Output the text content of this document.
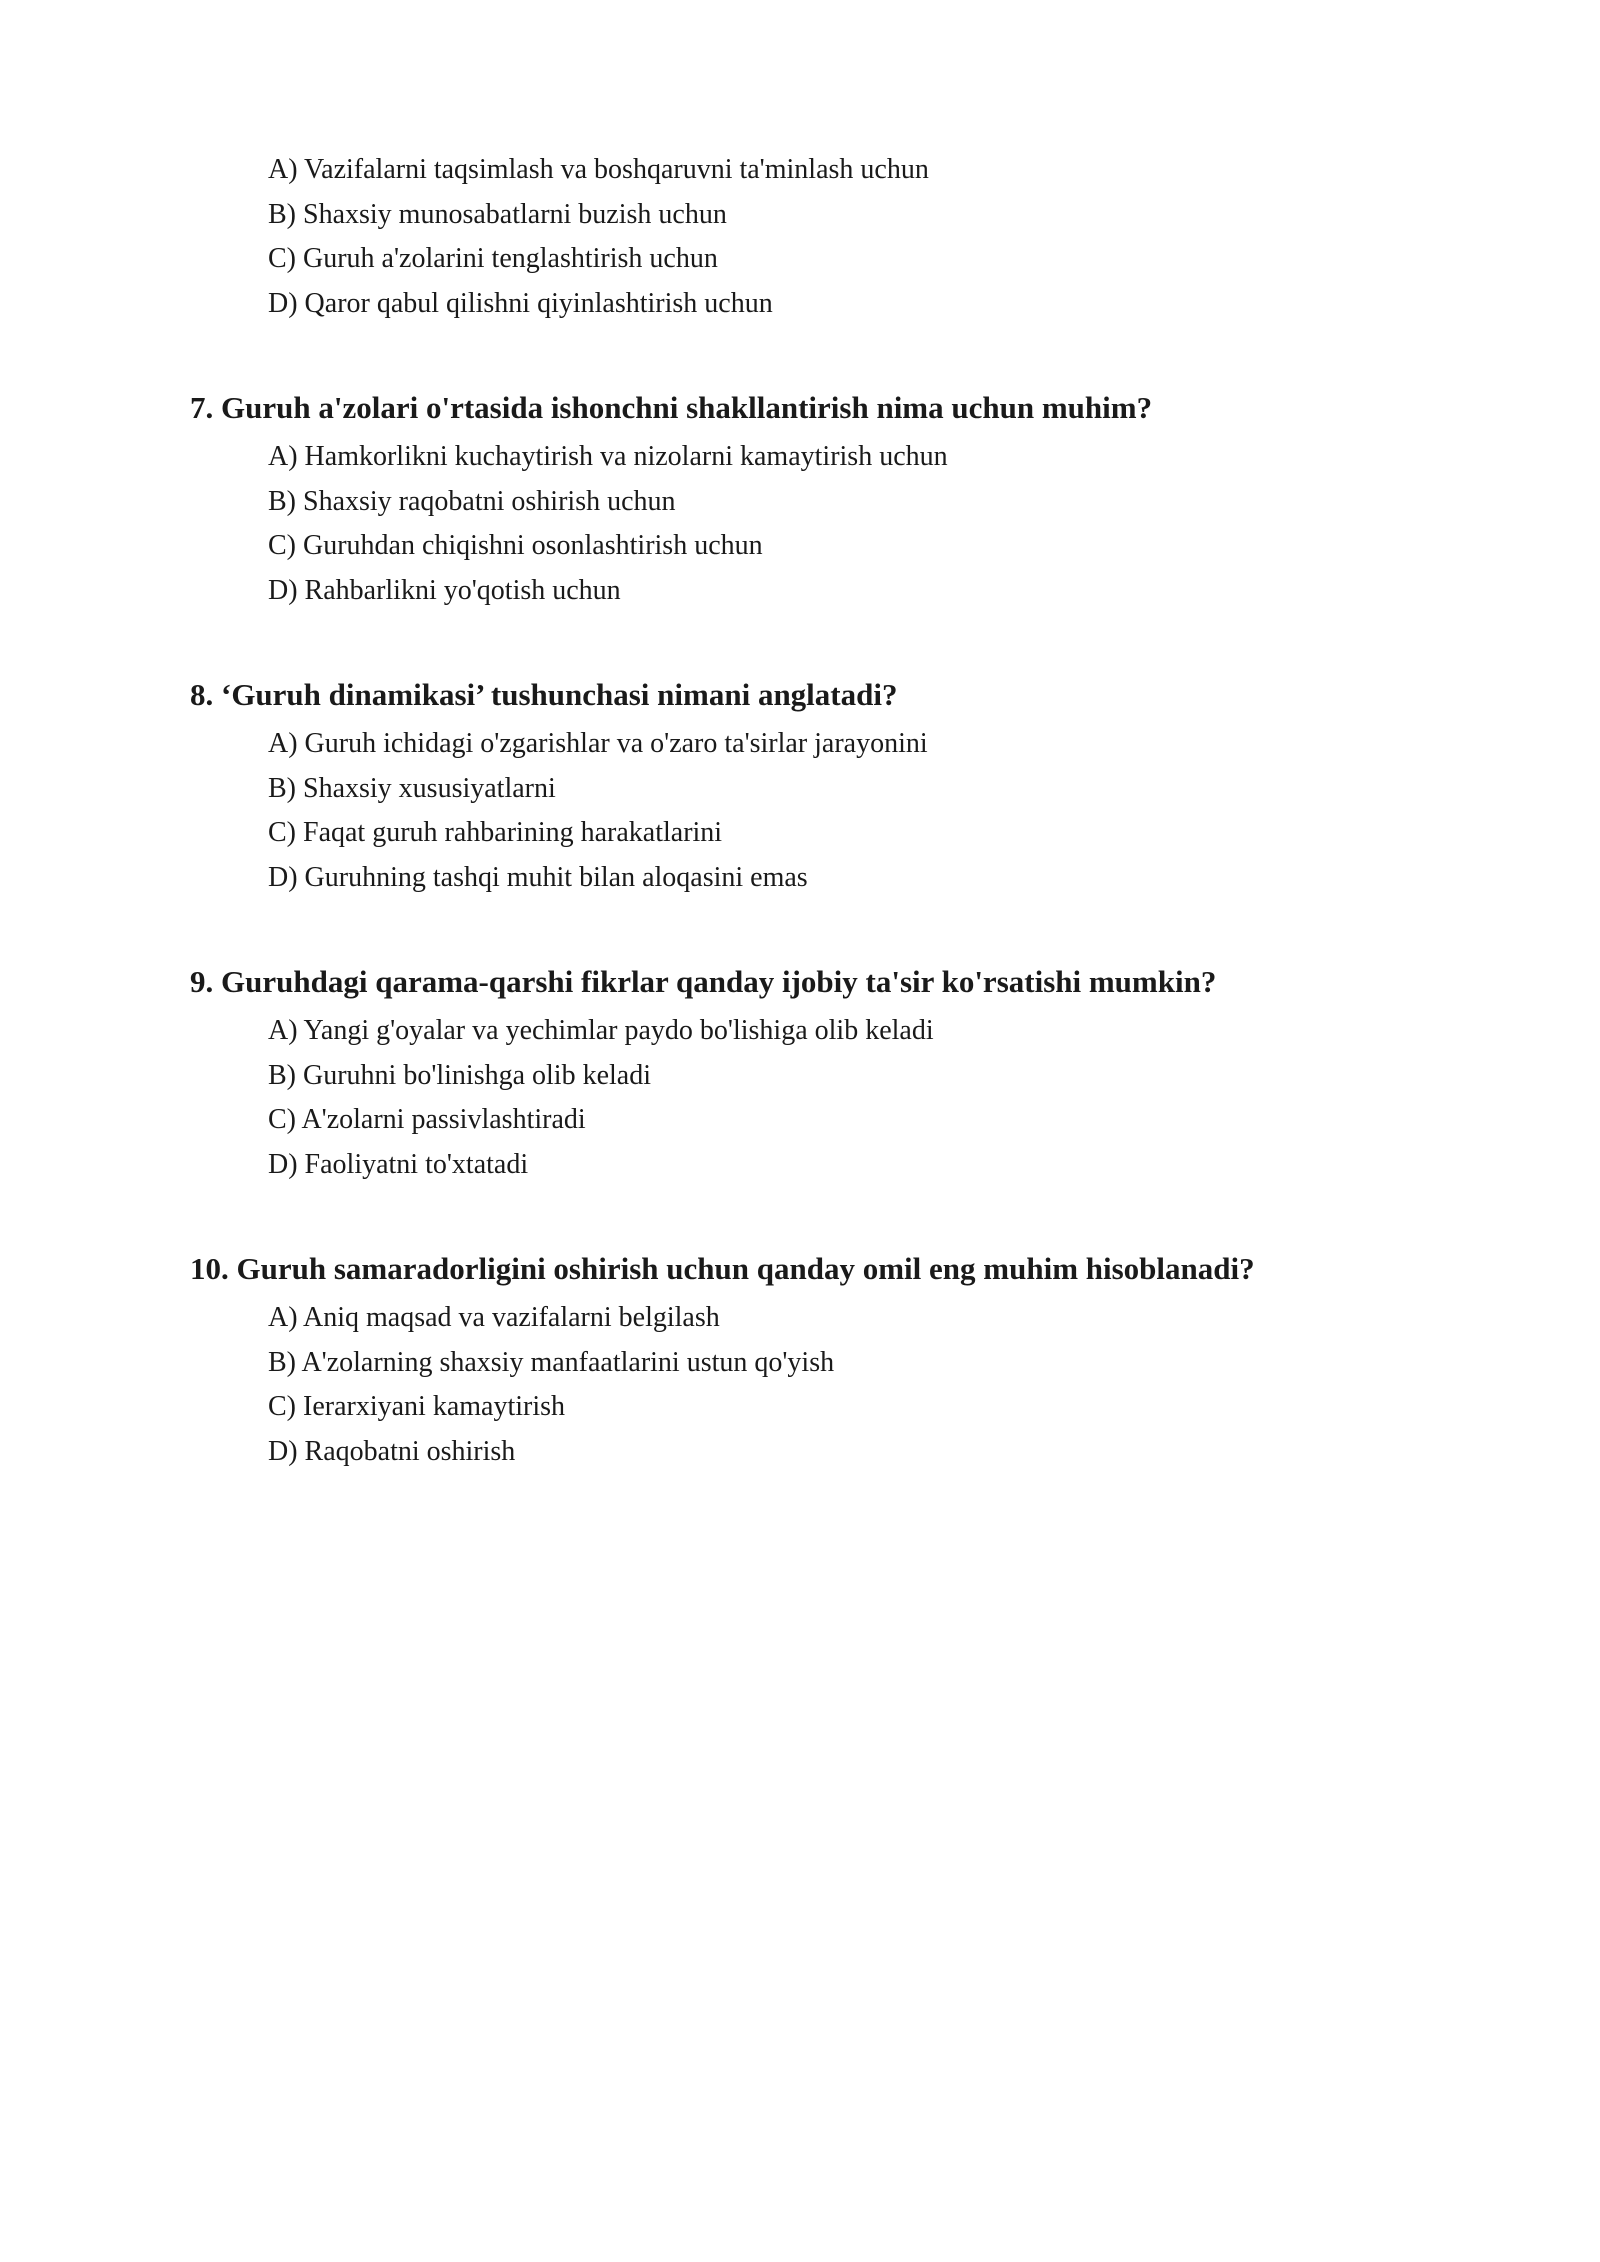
A) Vazifalarni taqsimlash va boshqaruvni ta'minlash uchun
B) Shaxsiy munosabatlarni buzish uchun
C) Guruh a'zolarini tenglashtirish uchun
D) Qaror qabul qilishni qiyinlashtirish uchun
7. Guruh a'zolari o'rtasida ishonchni shakllantirish nima uchun muhim?
A) Hamkorlikni kuchaytirish va nizolarni kamaytirish uchun
B) Shaxsiy raqobatni oshirish uchun
C) Guruhdan chiqishni osonlashtirish uchun
D) Rahbarlikni yo'qotish uchun
8. ‘Guruh dinamikasi’ tushunchasi nimani anglatadi?
A) Guruh ichidagi o'zgarishlar va o'zaro ta'sirlar jarayonini
B) Shaxsiy xususiyatlarni
C) Faqat guruh rahbarining harakatlarini
D) Guruhning tashqi muhit bilan aloqasini emas
9. Guruhdagi qarama-qarshi fikrlar qanday ijobiy ta'sir ko'rsatishi mumkin?
A) Yangi g'oyalar va yechimlar paydo bo'lishiga olib keladi
B) Guruhni bo'linishga olib keladi
C) A'zolarni passivlashtiradi
D) Faoliyatni to'xtatadi
10. Guruh samaradorligini oshirish uchun qanday omil eng muhim hisoblanadi?
A) Aniq maqsad va vazifalarni belgilash
B) A'zolarning shaxsiy manfaatlarini ustun qo'yish
C) Ierarxiyani kamaytirish
D) Raqobatni oshirish
